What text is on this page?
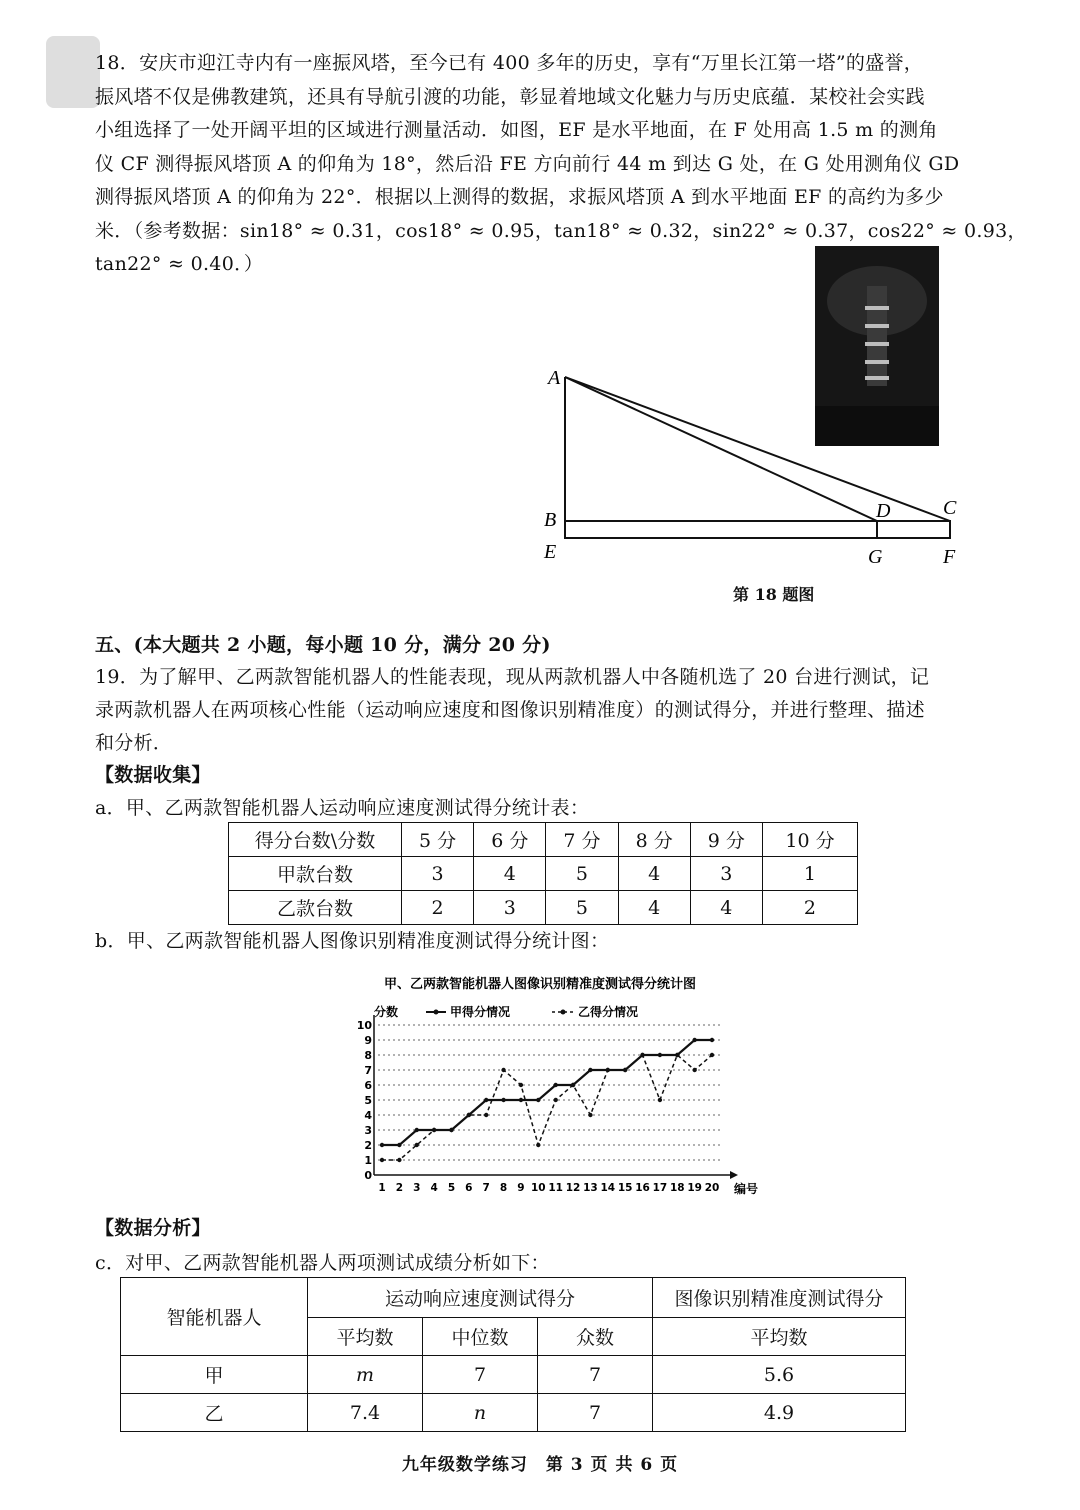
18．安庆市迎江寺内有一座振风塔，至今已有 400 多年的历史，享有“万里长江第一塔”的盛誉，
振风塔不仅是佛教建筑，还具有导航引渡的功能，彰显着地域文化魅力与历史底蕴．某校社会实践
小组选择了一处开阔平坦的区域进行测量活动．如图，EF 是水平地面，在 F 处用高 1.5 m 的测角
仪 CF 测得振风塔顶 A 的仰角为 18°，然后沿 FE 方向前行 44 m 到达 G 处，在 G 处用测角仪 GD
测得振风塔顶 A 的仰角为 22°．根据以上测得的数据，求振风塔顶 A 到水平地面 EF 的高约为多少
米．（参考数据：sin18° ≈ 0.31，cos18° ≈ 0.95，tan18° ≈ 0.32，sin22° ≈ 0.37，cos22° ≈ 0.93，
tan22° ≈ 0.40．）
A
B
E
D	C
G	F
第 18 题图
五、(本大题共 2 小题，每小题 10 分，满分 20 分)
19．为了解甲、乙两款智能机器人的性能表现，现从两款机器人中各随机选了 20 台进行测试，记
录两款机器人在两项核心性能（运动响应速度和图像识别精准度）的测试得分，并进行整理、描述
和分析．
【数据收集】
a．甲、乙两款智能机器人运动响应速度测试得分统计表：
得分台数\分数	5 分	6 分	7 分	8 分	9 分	10 分
甲款台数	3	4	5	4	3	1
乙款台数	2	3	5	4	4	2
b．甲、乙两款智能机器人图像识别精准度测试得分统计图：
甲、乙两款智能机器人图像识别精准度测试得分统计图
分数	甲得分情况	乙得分情况
0
1
2
3
4
5
6
7
8
9
10
1 2 3 4 5 6 7 8 9 10 11 12 13 14 15 16 17 18 19 20 编号
【数据分析】
c．对甲、乙两款智能机器人两项测试成绩分析如下：
智能机器人	运动响应速度测试得分			图像识别精准度测试得分
	平均数	中位数	众数	平均数
甲	m	7	7	5.6
乙	7.4	n	7	4.9
九年级数学练习　第 3 页 共 6 页
